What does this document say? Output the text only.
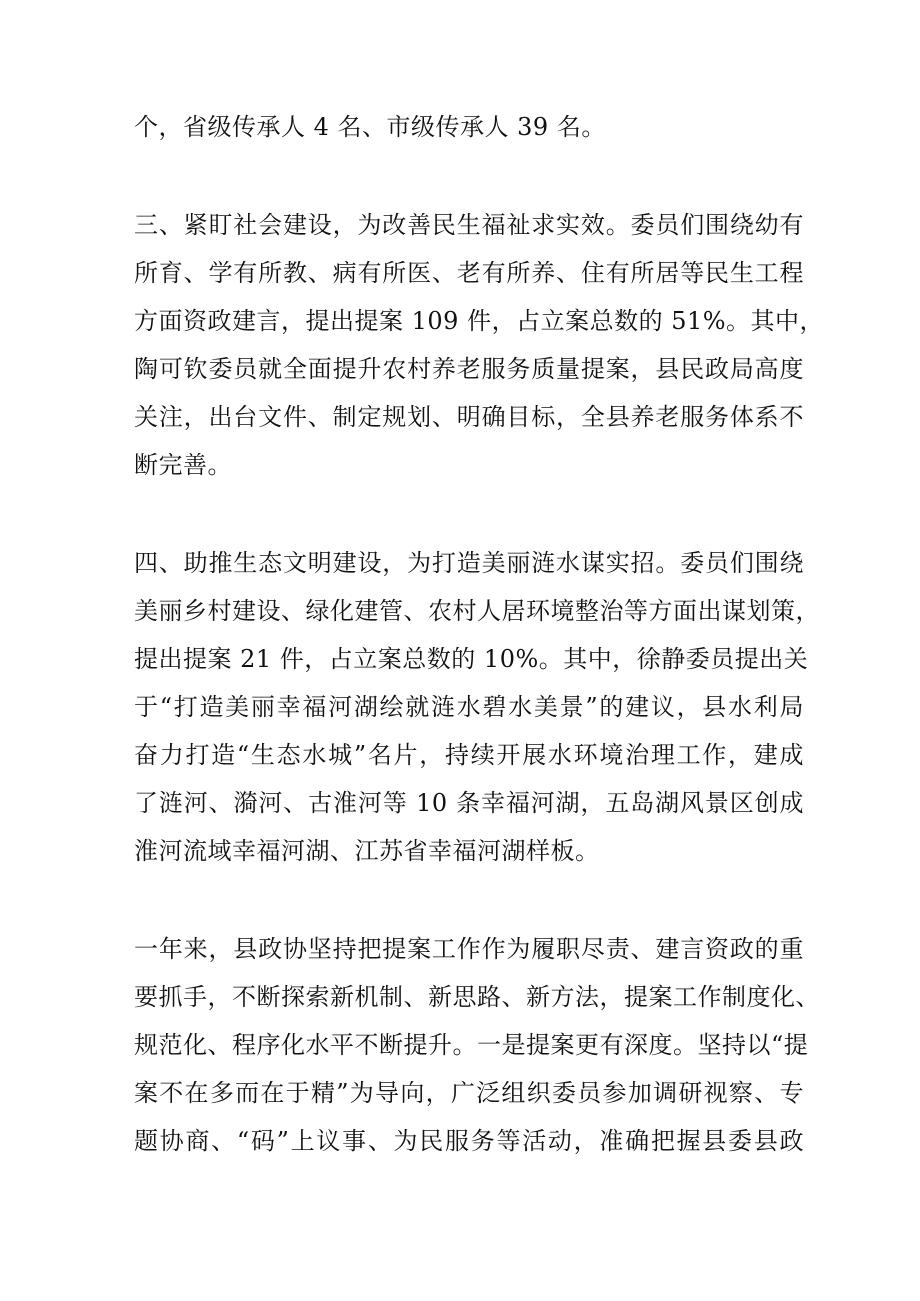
个，省级传承人 4 名、市级传承人 39 名。
三、紧盯社会建设，为改善民生福祉求实效。委员们围绕幼有
所育、学有所教、病有所医、老有所养、住有所居等民生工程
方面资政建言，提出提案 109 件，占立案总数的 51%。其中，
陶可钦委员就全面提升农村养老服务质量提案，县民政局高度
关注，出台文件、制定规划、明确目标，全县养老服务体系不
断完善。
四、助推生态文明建设，为打造美丽涟水谋实招。委员们围绕
美丽乡村建设、绿化建管、农村人居环境整治等方面出谋划策，
提出提案 21 件，占立案总数的 10%。其中，徐静委员提出关
于“打造美丽幸福河湖绘就涟水碧水美景”的建议，县水利局
奋力打造“生态水城”名片，持续开展水环境治理工作，建成
了涟河、漪河、古淮河等 10 条幸福河湖，五岛湖风景区创成
淮河流域幸福河湖、江苏省幸福河湖样板。
一年来，县政协坚持把提案工作作为履职尽责、建言资政的重
要抓手，不断探索新机制、新思路、新方法，提案工作制度化、
规范化、程序化水平不断提升。一是提案更有深度。坚持以“提
案不在多而在于精”为导向，广泛组织委员参加调研视察、专
题协商、“码”上议事、为民服务等活动，准确把握县委县政
